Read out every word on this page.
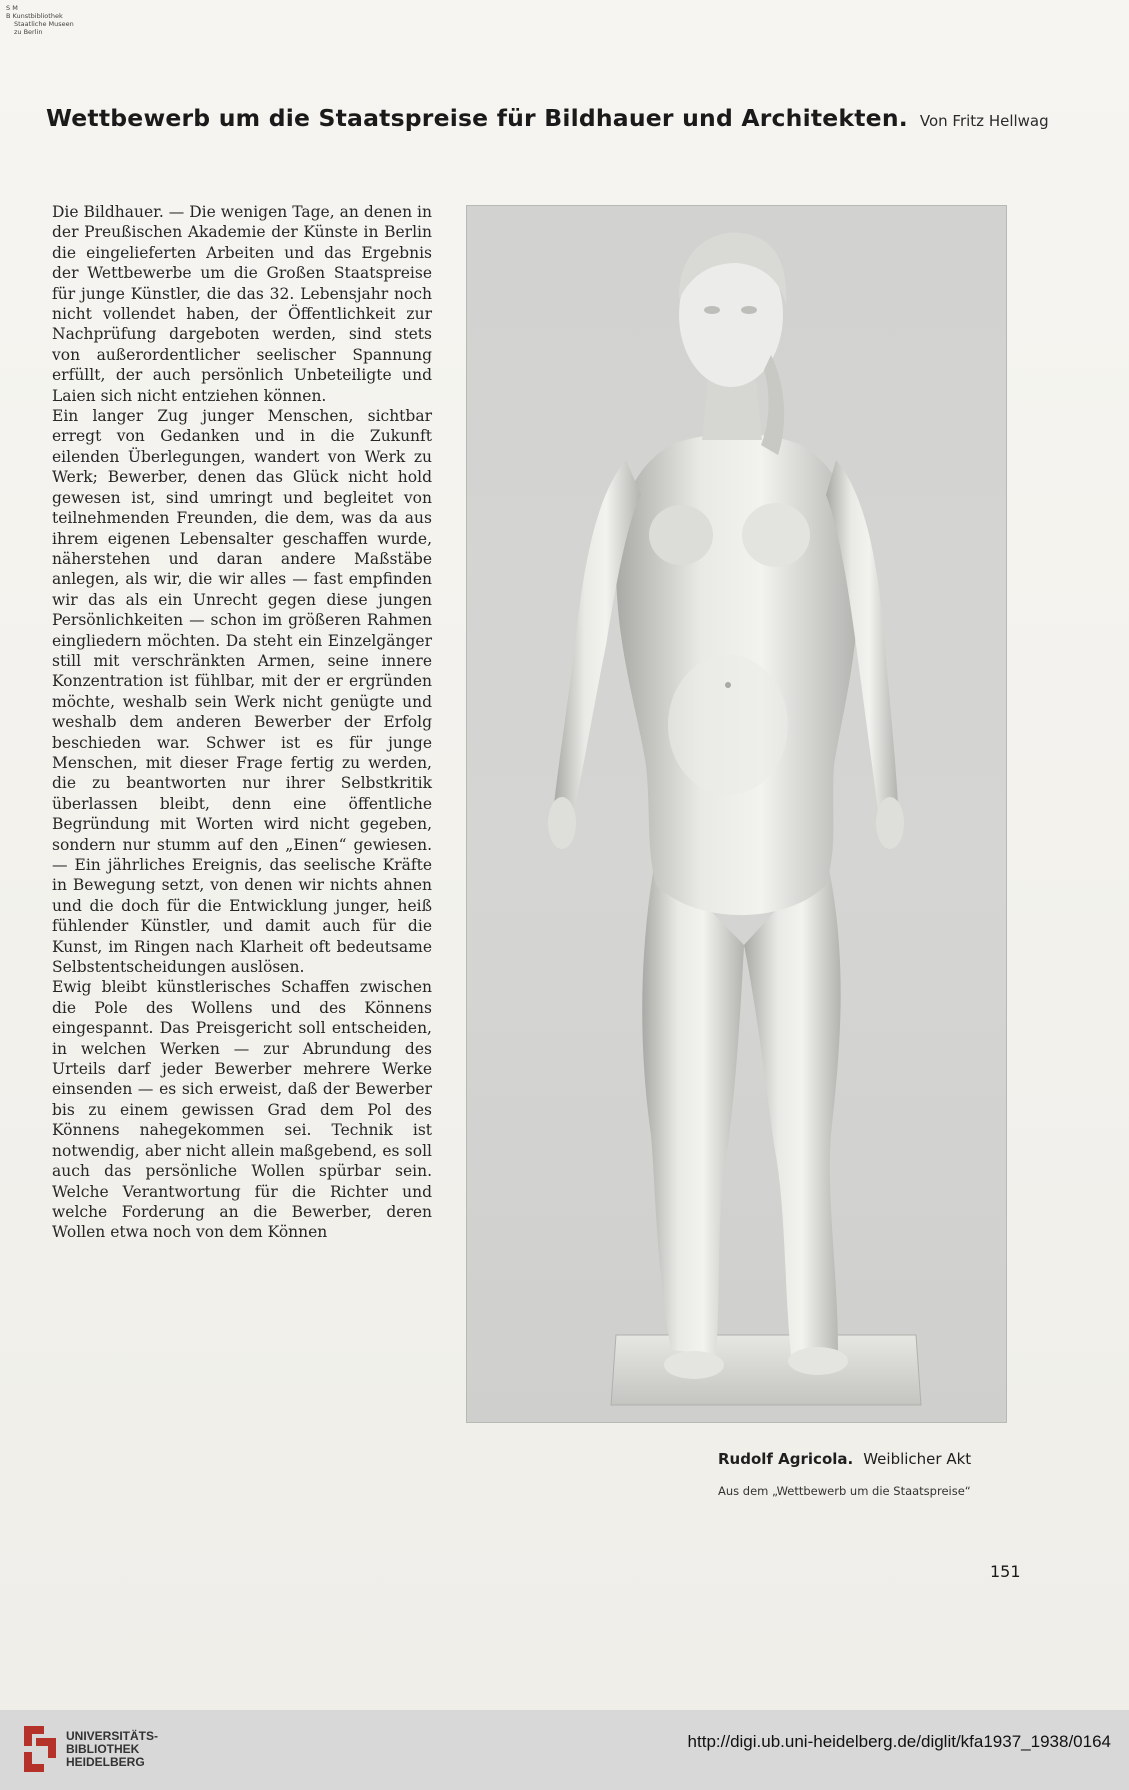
S M
B Kunstbibliothek
Staatliche Museen
zu Berlin
Wettbewerb um die Staatspreise für Bildhauer und Architekten. Von Fritz Hellwag

Die Bildhauer. — Die wenigen Tage, an denen in der Preußischen Akademie der Künste in Berlin die eingelieferten Arbeiten und das Ergebnis der Wettbewerbe um die Großen Staatspreise für junge Künstler, die das 32. Lebensjahr noch nicht vollendet haben, der Öffentlichkeit zur Nachprüfung dargeboten werden, sind stets von außerordentlicher seelischer Spannung erfüllt, der auch persönlich Unbeteiligte und Laien sich nicht entziehen können.

Ein langer Zug junger Menschen, sichtbar erregt von Gedanken und in die Zukunft eilenden Überlegungen, wandert von Werk zu Werk; Bewerber, denen das Glück nicht hold gewesen ist, sind umringt und begleitet von teilnehmenden Freunden, die dem, was da aus ihrem eigenen Lebensalter geschaffen wurde, näherstehen und daran andere Maßstäbe anlegen, als wir, die wir alles — fast empfinden wir das als ein Unrecht gegen diese jungen Persönlichkeiten — schon im größeren Rahmen eingliedern möchten. Da steht ein Einzelgänger still mit verschränkten Armen, seine innere Konzentration ist fühlbar, mit der er ergründen möchte, weshalb sein Werk nicht genügte und weshalb dem anderen Bewerber der Erfolg beschieden war. Schwer ist es für junge Menschen, mit dieser Frage fertig zu werden, die zu beantworten nur ihrer Selbstkritik überlassen bleibt, denn eine öffentliche Begründung mit Worten wird nicht gegeben, sondern nur stumm auf den „Einen“ gewiesen.— Ein jährliches Ereignis, das seelische Kräfte in Bewegung setzt, von denen wir nichts ahnen und die doch für die Entwicklung junger, heiß fühlender Künstler, und damit auch für die Kunst, im Ringen nach Klarheit oft bedeutsame Selbstentscheidungen auslösen.

Ewig bleibt künstlerisches Schaffen zwischen die Pole des Wollens und des Könnens eingespannt. Das Preisgericht soll entscheiden, in welchen Werken — zur Abrundung des Urteils darf jeder Bewerber mehrere Werke einsenden — es sich erweist, daß der Bewerber bis zu einem gewissen Grad dem Pol des Könnens nahegekommen sei. Technik ist notwendig, aber nicht allein maßgebend, es soll auch das persönliche Wollen spürbar sein. Welche Verantwortung für die Richter und welche Forderung an die Bewerber, deren Wollen etwa noch von dem Können

Rudolf Agricola. Weiblicher Akt
Aus dem „Wettbewerb um die Staatspreise“
151
UNIVERSITÄTS-
BIBLIOTHEK
HEIDELBERG
http://digi.ub.uni-heidelberg.de/diglit/kfa1937_1938/0164
